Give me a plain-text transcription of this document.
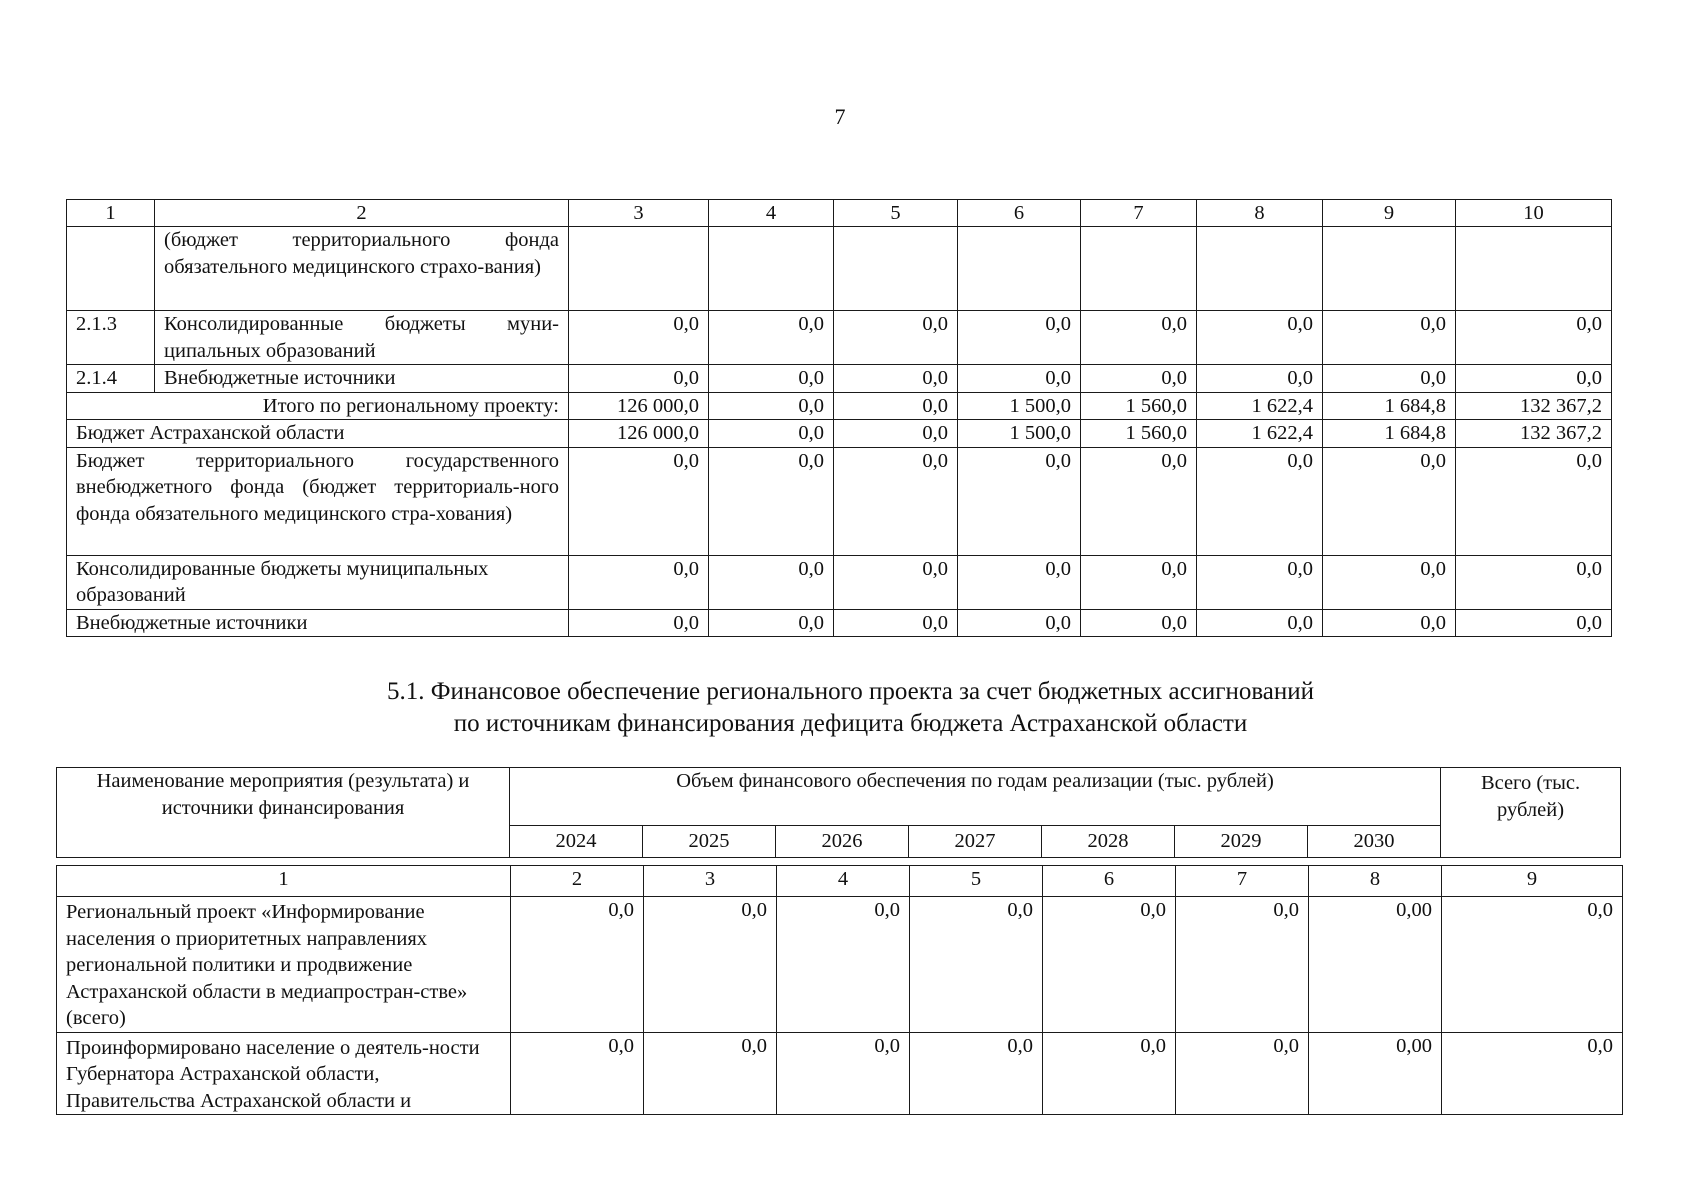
7
1	2	3	4	5	6	7	8	9	10
	(бюджет территориального фонда обязательного медицинского страхо-вания)								
2.1.3	Консолидированные бюджеты муни-ципальных образований	0,0	0,0	0,0	0,0	0,0	0,0	0,0	0,0
2.1.4	Внебюджетные источники	0,0	0,0	0,0	0,0	0,0	0,0	0,0	0,0
Итого по региональному проекту:		126 000,0	0,0	0,0	1 500,0	1 560,0	1 622,4	1 684,8	132 367,2
Бюджет Астраханской области		126 000,0	0,0	0,0	1 500,0	1 560,0	1 622,4	1 684,8	132 367,2
Бюджет территориального государственного внебюджетного фонда (бюджет территориаль-ного фонда обязательного медицинского стра-хования)		0,0	0,0	0,0	0,0	0,0	0,0	0,0	0,0
Консолидированные бюджеты муниципальных образований		0,0	0,0	0,0	0,0	0,0	0,0	0,0	0,0
Внебюджетные источники		0,0	0,0	0,0	0,0	0,0	0,0	0,0	0,0
5.1. Финансовое обеспечение регионального проекта за счет бюджетных ассигнований
по источникам финансирования дефицита бюджета Астраханской области
Наименование мероприятия (результата) и источники финансирования	Объем финансового обеспечения по годам реализации (тыс. рублей)							Всего (тыс. рублей)
	2024	2025	2026	2027	2028	2029	2030	
1	2	3	4	5	6	7	8	9
Региональный проект «Информирование населения о приоритетных направлениях региональной политики и продвижение Астраханской области в медиапростран-стве» (всего)	0,0	0,0	0,0	0,0	0,0	0,0	0,00	0,0
Проинформировано население о деятель-ности Губернатора Астраханской области, Правительства Астраханской области и	0,0	0,0	0,0	0,0	0,0	0,0	0,00	0,0
